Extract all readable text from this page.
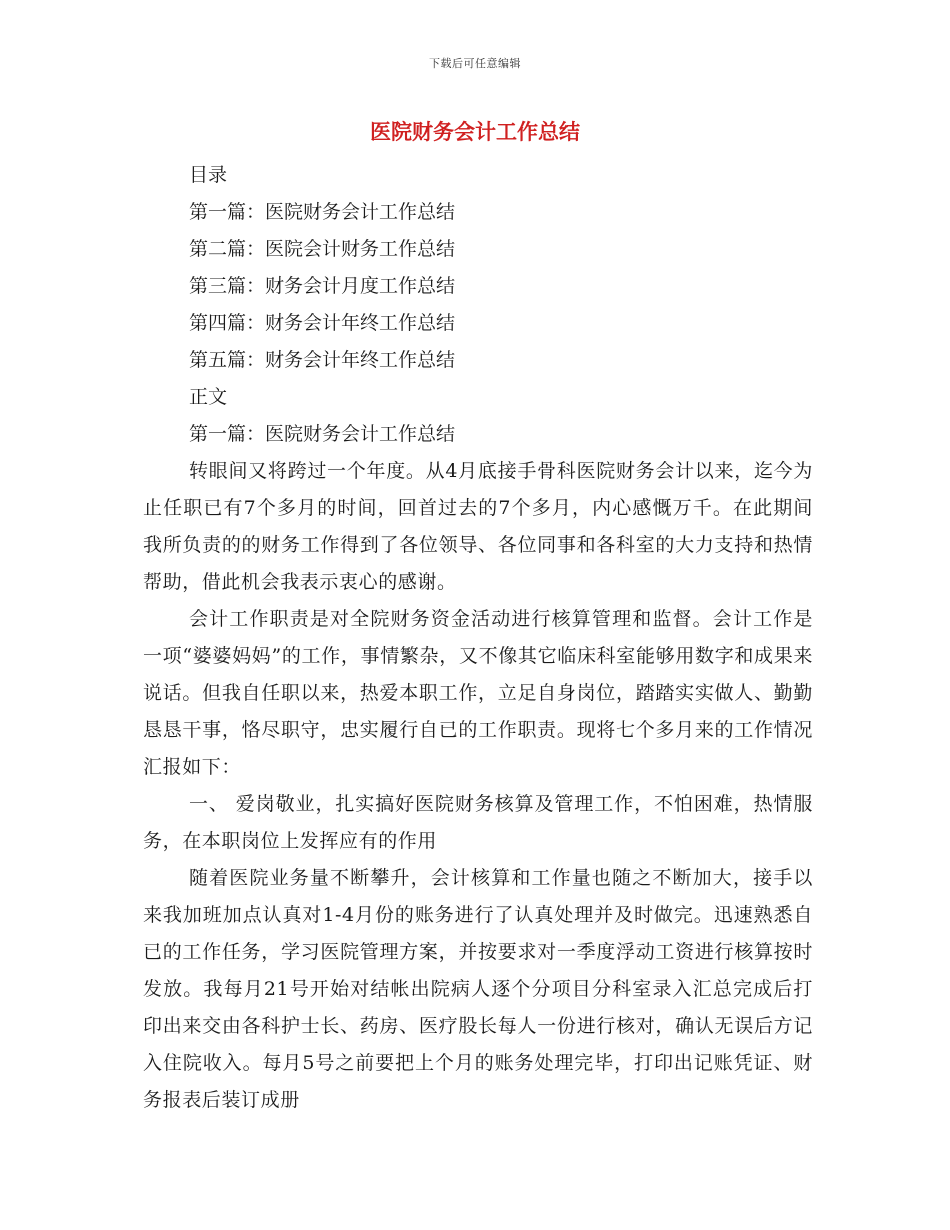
下载后可任意编辑
医院财务会计工作总结

目录

第一篇：医院财务会计工作总结

第二篇：医院会计财务工作总结

第三篇：财务会计月度工作总结

第四篇：财务会计年终工作总结

第五篇：财务会计年终工作总结

正文

第一篇：医院财务会计工作总结

转眼间又将跨过一个年度。从4月底接手骨科医院财务会计以来，迄今为止任职已有7个多月的时间，回首过去的7个多月，内心感慨万千。在此期间我所负责的的财务工作得到了各位领导、各位同事和各科室的大力支持和热情帮助，借此机会我表示衷心的感谢。

会计工作职责是对全院财务资金活动进行核算管理和监督。会计工作是一项“婆婆妈妈”的工作，事情繁杂，又不像其它临床科室能够用数字和成果来说话。但我自任职以来，热爱本职工作，立足自身岗位，踏踏实实做人、勤勤恳恳干事，恪尽职守，忠实履行自已的工作职责。现将七个多月来的工作情况汇报如下：

一、 爱岗敬业，扎实搞好医院财务核算及管理工作，不怕困难，热情服务，在本职岗位上发挥应有的作用

随着医院业务量不断攀升，会计核算和工作量也随之不断加大，接手以来我加班加点认真对1-4月份的账务进行了认真处理并及时做完。迅速熟悉自已的工作任务，学习医院管理方案，并按要求对一季度浮动工资进行核算按时发放。我每月21号开始对结帐出院病人逐个分项目分科室录入汇总完成后打印出来交由各科护士长、药房、医疗股长每人一份进行核对，确认无误后方记入住院收入。每月5号之前要把上个月的账务处理完毕，打印出记账凭证、财务报表后装订成册
